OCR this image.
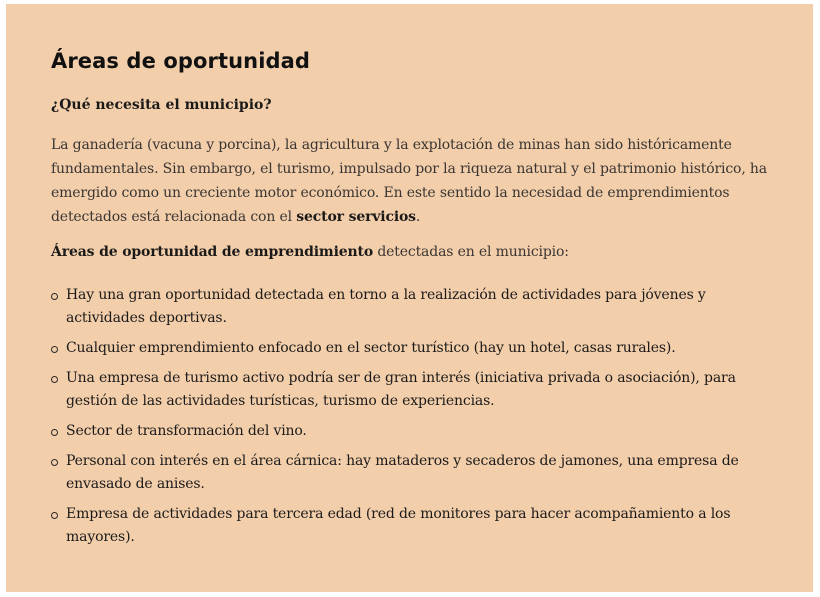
Áreas de oportunidad

¿Qué necesita el municipio?

La ganadería (vacuna y porcina), la agricultura y la explotación de minas han sido históricamente fundamentales. Sin embargo, el turismo, impulsado por la riqueza natural y el patrimonio histórico, ha emergido como un creciente motor económico. En este sentido la necesidad de emprendimientos detectados está relacionada con el sector servicios.

Áreas de oportunidad de emprendimiento detectadas en el municipio:

Hay una gran oportunidad detectada en torno a la realización de actividades para jóvenes y actividades deportivas.
Cualquier emprendimiento enfocado en el sector turístico (hay un hotel, casas rurales).
Una empresa de turismo activo podría ser de gran interés (iniciativa privada o asociación), para gestión de las actividades turísticas, turismo de experiencias.
Sector de transformación del vino.
Personal con interés en el área cárnica: hay mataderos y secaderos de jamones, una empresa de envasado de anises.
Empresa de actividades para tercera edad (red de monitores para hacer acompañamiento a los mayores).
